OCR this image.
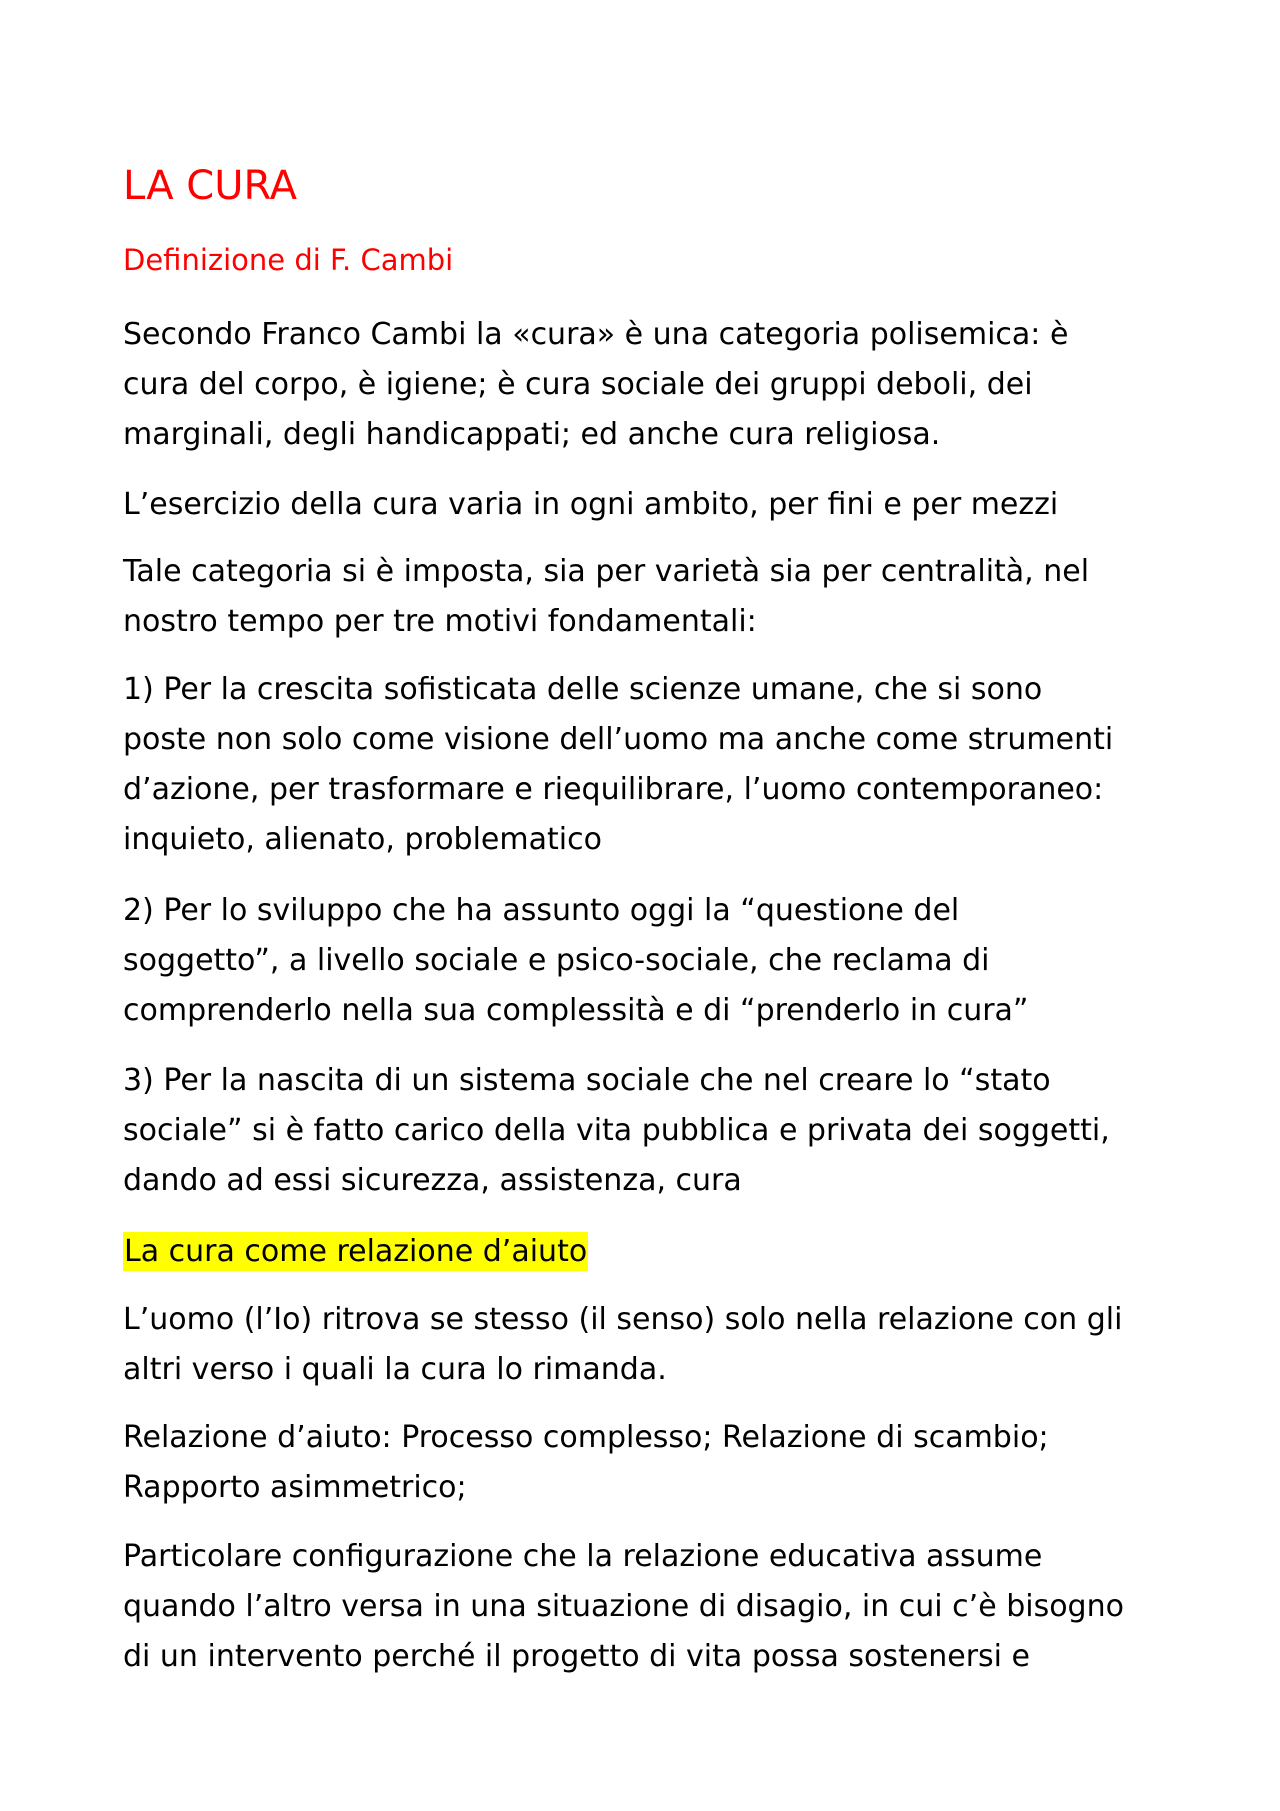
LA CURA
Definizione di F. Cambi

Secondo Franco Cambi la «cura» è una categoria polisemica: è
cura del corpo, è igiene; è cura sociale dei gruppi deboli, dei
marginali, degli handicappati; ed anche cura religiosa.

L’esercizio della cura varia in ogni ambito, per fini e per mezzi

Tale categoria si è imposta, sia per varietà sia per centralità, nel
nostro tempo per tre motivi fondamentali:

1) Per la crescita sofisticata delle scienze umane, che si sono
poste non solo come visione dell’uomo ma anche come strumenti
d’azione, per trasformare e riequilibrare, l’uomo contemporaneo:
inquieto, alienato, problematico

2) Per lo sviluppo che ha assunto oggi la “questione del
soggetto”, a livello sociale e psico-sociale, che reclama di
comprenderlo nella sua complessità e di “prenderlo in cura”

3) Per la nascita di un sistema sociale che nel creare lo “stato
sociale” si è fatto carico della vita pubblica e privata dei soggetti,
dando ad essi sicurezza, assistenza, cura

La cura come relazione d’aiuto

L’uomo (l’Io) ritrova se stesso (il senso) solo nella relazione con gli
altri verso i quali la cura lo rimanda.

Relazione d’aiuto: Processo complesso; Relazione di scambio;
Rapporto asimmetrico;

Particolare configurazione che la relazione educativa assume
quando l’altro versa in una situazione di disagio, in cui c’è bisogno
di un intervento perché il progetto di vita possa sostenersi e
